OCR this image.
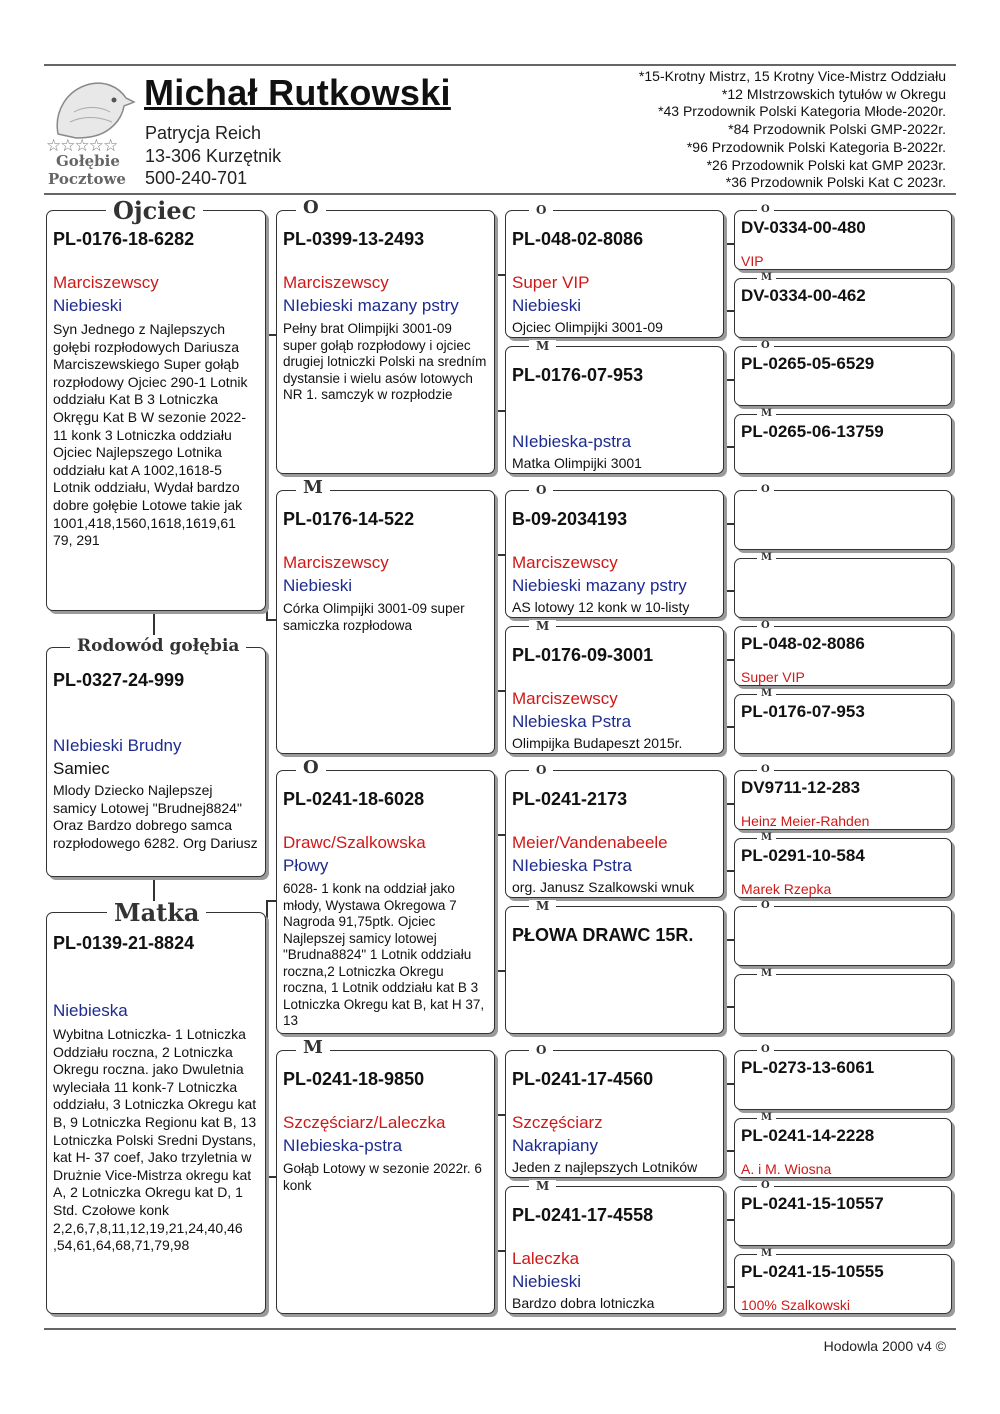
☆☆☆☆☆
Gołębie
Pocztowe
Michał Rutkowski
Patrycja Reich
13-306 Kurzętnik
500-240-701
*15-Krotny Mistrz, 15 Krotny Vice-Mistrz Oddziału
*12 MIstrzowskich tytułów w Okregu
*43 Przodownik Polski Kategoria Młode-2020r.
*84 Przodownik Polski GMP-2022r.
*96 Przodownik Polski Kategoria B-2022r.
*26 Przodownik Polski kat GMP 2023r.
*36 Przodownik Polski Kat C 2023r.
PL-0176-18-6282
Marciszewscy
Niebieski
Syn Jednego z Najlepszych gołębi rozpłodowych Dariusza Marciszewskiego Super gołąb rozpłodowy Ojciec 290-1 Lotnik oddziału Kat B 3 Lotniczka Okręgu Kat B W sezonie 2022- 11 konk 3 Lotniczka oddziału Ojciec Najlepszego Lotnika oddziału kat A 1002,1618-5 Lotnik oddziału, Wydał bardzo dobre gołębie Lotowe takie jak 1001,418,1560,1618,1619,61 79, 291
Ojciec
PL-0327-24-999
NIebieski Brudny
Samiec
Mlody Dziecko Najlepszej samicy Lotowej "Brudnej8824" Oraz Bardzo dobrego samca rozpłodowego 6282. Org Dariusz
Rodowód gołębia
PL-0139-21-8824
Niebieska
Wybitna Lotniczka- 1 Lotniczka Oddziału roczna, 2 Lotniczka Okregu roczna. jako Dwuletnia wyleciała 11 konk-7 Lotniczka oddziału, 3 Lotniczka Okregu kat B, 9 Lotniczka Regionu kat B, 13 Lotniczka Polski Sredni Dystans, kat H- 37 coef, Jako trzyletnia w Drużnie Vice-Mistrza okregu kat A, 2 Lotniczka Okregu kat D, 1 Std. Czołowe konk 2,2,6,7,8,11,12,19,21,24,40,46 ,54,61,64,68,71,79,98
Matka
PL-0399-13-2493
Marciszewscy
NIebieski mazany pstry
Pełny brat Olimpijki 3001-09 super gołąb rozpłodowy i ojciec drugiej lotniczki Polski na sredním dystansie i wielu asów lotowych NR 1. samczyk w rozpłodzie
O
PL-0176-14-522
Marciszewscy
Niebieski
Córka Olimpijki 3001-09 super samiczka rozpłodowa
M
PL-0241-18-6028
Drawc/Szalkowska
Płowy
6028- 1 konk na oddział jako młody, Wystawa Okregowa 7 Nagroda 91,75ptk. Ojciec Najlepszej samicy lotowej "Brudna8824" 1 Lotnik oddziału roczna,2 Lotniczka Okregu roczna, 1 Lotnik oddziału kat B 3 Lotniczka Okregu kat B, kat H 37, 13
O
PL-0241-18-9850
Szczęściarz/Laleczka
NIebieska-pstra
Gołąb Lotowy w sezonie 2022r. 6 konk
M
PL-048-02-8086
Super VIP
Niebieski
Ojciec Olimpijki 3001-09
O
PL-0176-07-953
NIebieska-pstra
Matka Olimpijki 3001
M
B-09-2034193
Marciszewscy
Niebieski mazany pstry
AS lotowy 12 konk w 10-listy
O
PL-0176-09-3001
Marciszewscy
Nlebieska Pstra
Olimpijka Budapeszt 2015r.
M
PL-0241-2173
Meier/Vandenabeele
NIebieska Pstra
org. Janusz Szalkowski wnuk
O
PŁOWA DRAWC 15R.
M
PL-0241-17-4560
Szczęściarz
Nakrapiany
Jeden z najlepszych Lotników
O
PL-0241-17-4558
Laleczka
Niebieski
Bardzo dobra lotniczka
M
DV-0334-00-480
VIP
O
DV-0334-00-462
M
PL-0265-05-6529
O
PL-0265-06-13759
M
O
M
PL-048-02-8086
Super VIP
O
PL-0176-07-953
M
DV9711-12-283
Heinz Meier-Rahden
O
PL-0291-10-584
Marek Rzepka
M
O
M
PL-0273-13-6061
O
PL-0241-14-2228
A. i M. Wiosna
M
PL-0241-15-10557
O
PL-0241-15-10555
100% Szalkowski
M
Hodowla 2000 v4 ©
